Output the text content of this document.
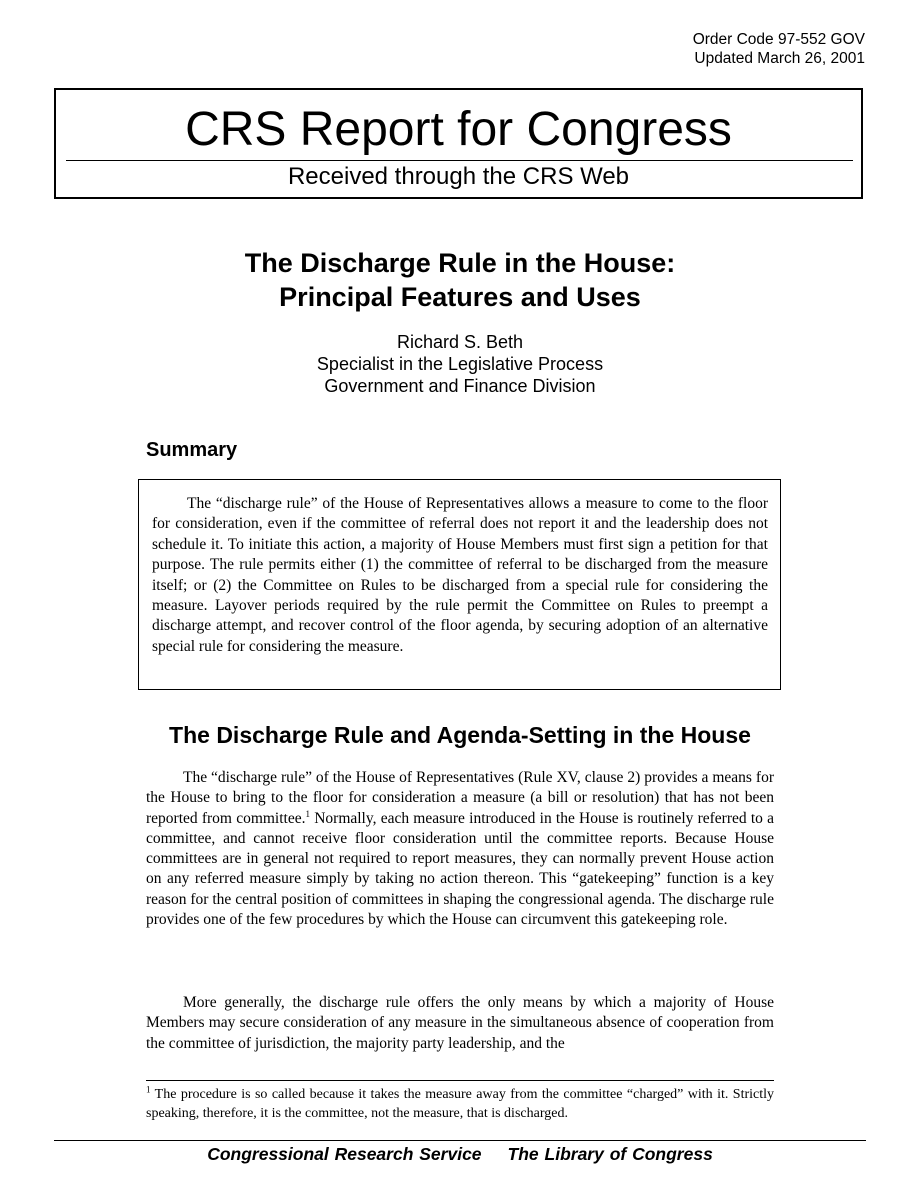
Order Code 97-552 GOV
Updated March 26, 2001
CRS Report for Congress
Received through the CRS Web
The Discharge Rule in the House:
Principal Features and Uses
Richard S. Beth
Specialist in the Legislative Process
Government and Finance Division
Summary

The “discharge rule” of the House of Representatives allows a measure to come to the floor for consideration, even if the committee of referral does not report it and the leadership does not schedule it. To initiate this action, a majority of House Members must first sign a petition for that purpose. The rule permits either (1) the committee of referral to be discharged from the measure itself; or (2) the Committee on Rules to be discharged from a special rule for considering the measure. Layover periods required by the rule permit the Committee on Rules to preempt a discharge attempt, and recover control of the floor agenda, by securing adoption of an alternative special rule for considering the measure.

The Discharge Rule and Agenda-Setting in the House

The “discharge rule” of the House of Representatives (Rule XV, clause 2) provides a means for the House to bring to the floor for consideration a measure (a bill or resolution) that has not been reported from committee.$^1$ Normally, each measure introduced in the House is routinely referred to a committee, and cannot receive floor consideration until the committee reports. Because House committees are in general not required to report measures, they can normally prevent House action on any referred measure simply by taking no action thereon. This “gatekeeping” function is a key reason for the central position of committees in shaping the congressional agenda. The discharge rule provides one of the few procedures by which the House can circumvent this gatekeeping role.

More generally, the discharge rule offers the only means by which a majority of House Members may secure consideration of any measure in the simultaneous absence of cooperation from the committee of jurisdiction, the majority party leadership, and the

$^1$ The procedure is so called because it takes the measure away from the committee “charged” with it. Strictly speaking, therefore, it is the committee, not the measure, that is discharged.

Congressional Research Service The Library of Congress
